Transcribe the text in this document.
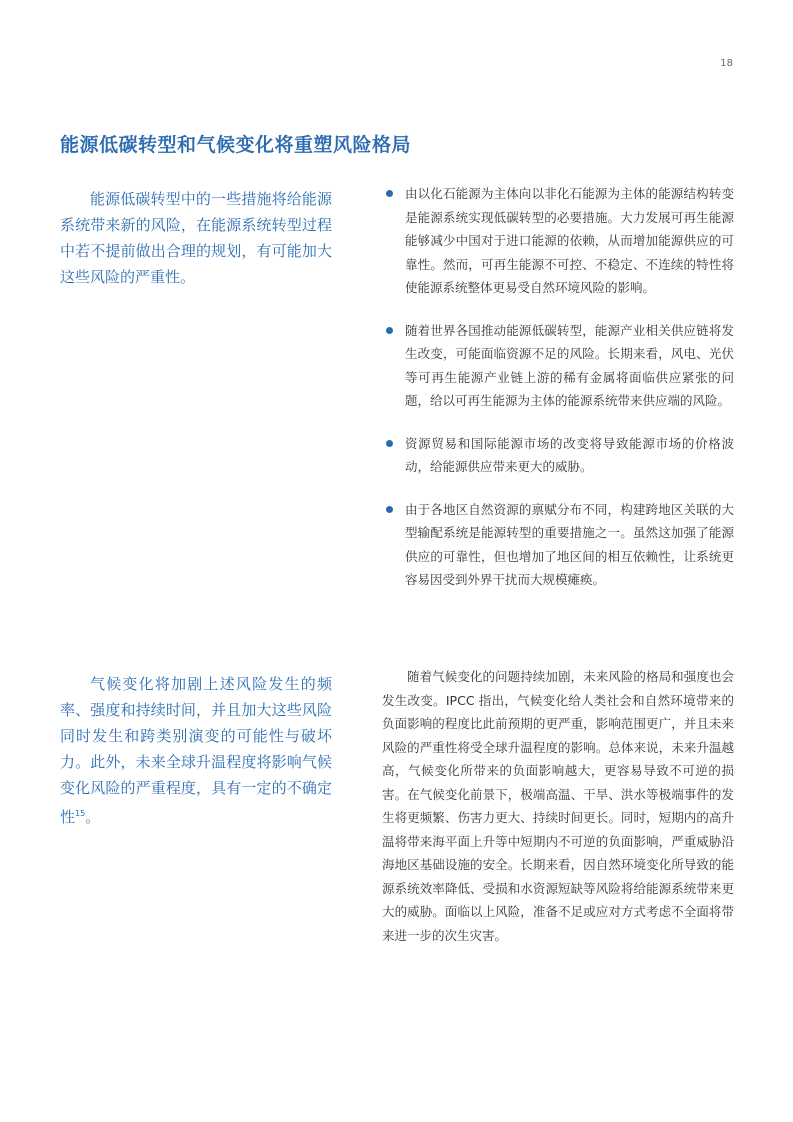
18
能源低碳转型和气候变化将重塑风险格局

能源低碳转型中的一些措施将给能源系统带来新的风险，在能源系统转型过程中若不提前做出合理的规划，有可能加大这些风险的严重性。

由以化石能源为主体向以非化石能源为主体的能源结构转变是能源系统实现低碳转型的必要措施。大力发展可再生能源能够减少中国对于进口能源的依赖，从而增加能源供应的可靠性。然而，可再生能源不可控、不稳定、不连续的特性将使能源系统整体更易受自然环境风险的影响。
随着世界各国推动能源低碳转型，能源产业相关供应链将发生改变，可能面临资源不足的风险。长期来看，风电、光伏等可再生能源产业链上游的稀有金属将面临供应紧张的问题，给以可再生能源为主体的能源系统带来供应端的风险。
资源贸易和国际能源市场的改变将导致能源市场的价格波动，给能源供应带来更大的威胁。
由于各地区自然资源的禀赋分布不同，构建跨地区关联的大型输配系统是能源转型的重要措施之一。虽然这加强了能源供应的可靠性，但也增加了地区间的相互依赖性，让系统更容易因受到外界干扰而大规模瘫痪。

气候变化将加剧上述风险发生的频率、强度和持续时间，并且加大这些风险同时发生和跨类别演变的可能性与破坏力。此外，未来全球升温程度将影响气候变化风险的严重程度，具有一定的不确定性$^{15}$。

随着气候变化的问题持续加剧，未来风险的格局和强度也会发生改变。IPCC 指出，气候变化给人类社会和自然环境带来的负面影响的程度比此前预期的更严重，影响范围更广，并且未来风险的严重性将受全球升温程度的影响。总体来说，未来升温越高，气候变化所带来的负面影响越大，更容易导致不可逆的损害。在气候变化前景下，极端高温、干旱、洪水等极端事件的发生将更频繁、伤害力更大、持续时间更长。同时，短期内的高升温将带来海平面上升等中短期内不可逆的负面影响，严重威胁沿海地区基础设施的安全。长期来看，因自然环境变化所导致的能源系统效率降低、受损和水资源短缺等风险将给能源系统带来更大的威胁。面临以上风险，准备不足或应对方式考虑不全面将带来进一步的次生灾害。
